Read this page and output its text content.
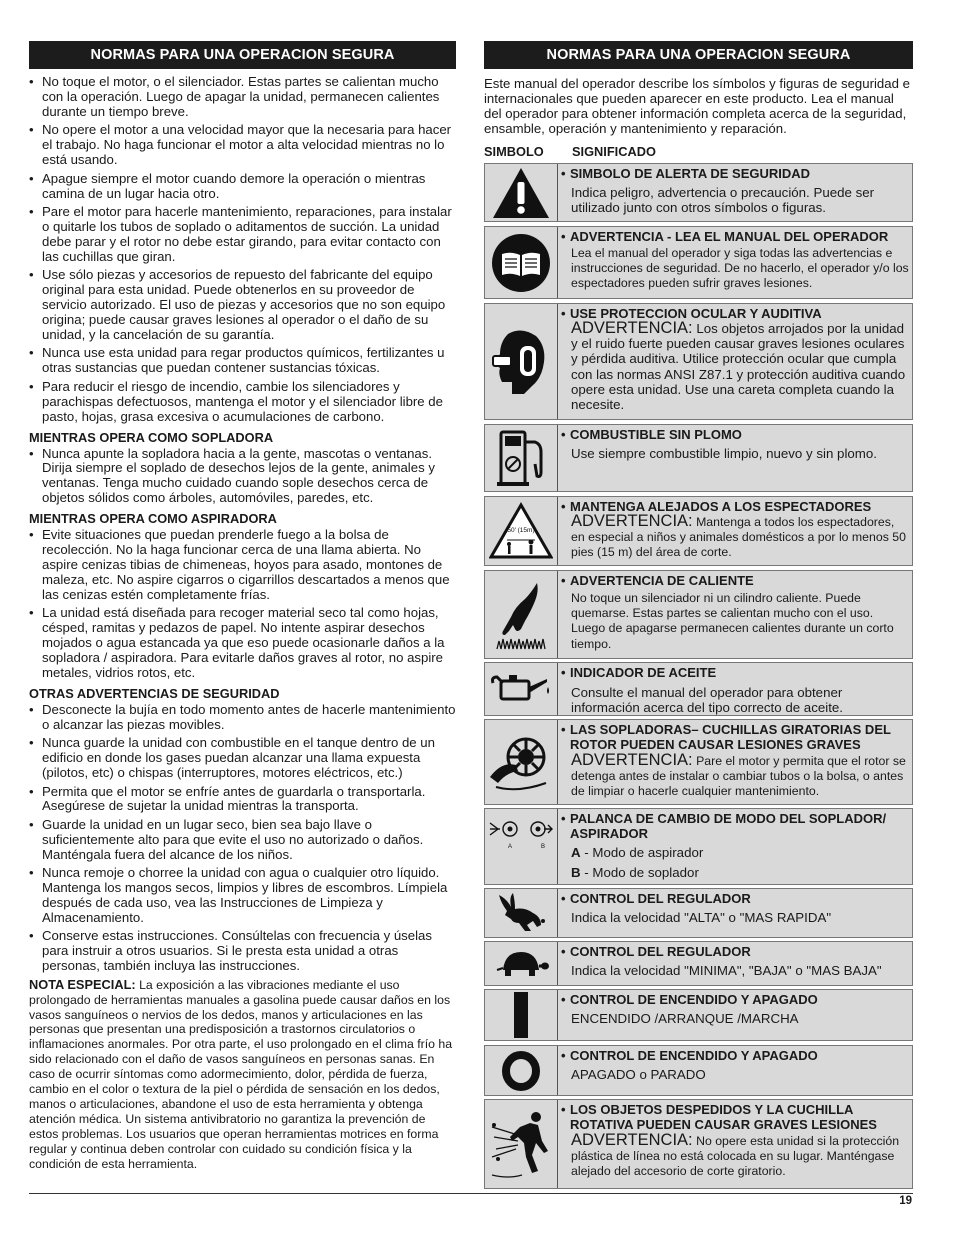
NORMAS PARA UNA OPERACION SEGURA
• No toque el motor, o el silenciador. Estas partes se calientan mucho con la operación. Luego de apagar la unidad, permanecen calientes durante un tiempo breve.
• No opere el motor a una velocidad mayor que la necesaria para hacer el trabajo. No haga funcionar el motor a alta velocidad mientras no lo está usando.
• Apague siempre el motor cuando demore la operación o mientras camina de un lugar hacia otro.
• Pare el motor para hacerle mantenimiento, reparaciones, para instalar o quitarle los tubos de soplado o aditamentos de succión. La unidad debe parar y el rotor no debe estar girando, para evitar contacto con las cuchillas que giran.
• Use sólo piezas y accesorios de repuesto del fabricante del equipo original para esta unidad. Puede obtenerlos en su proveedor de servicio autorizado. El uso de piezas y accesorios que no son equipo origina; puede causar graves lesiones al operador o el daño de su unidad, y la cancelación de su garantía.
• Nunca use esta unidad para regar productos químicos, fertilizantes u otras sustancias que puedan contener sustancias tóxicas.
• Para reducir el riesgo de incendio, cambie los silenciadores y parachispas defectuosos, mantenga el motor y el silenciador libre de pasto, hojas, grasa excesiva o acumulaciones de carbono.
MIENTRAS OPERA COMO SOPLADORA
• Nunca apunte la sopladora hacia a la gente, mascotas o ventanas. Dirija siempre el soplado de desechos lejos de la gente, animales y ventanas. Tenga mucho cuidado cuando sople desechos cerca de objetos sólidos como árboles, automóviles, paredes, etc.
MIENTRAS OPERA COMO ASPIRADORA
• Evite situaciones que puedan prenderle fuego a la bolsa de recolección. No la haga funcionar cerca de una llama abierta. No aspire cenizas tibias de chimeneas, hoyos para asado, montones de maleza, etc. No aspire cigarros o cigarrillos descartados a menos que las cenizas estén completamente frías.
• La unidad está diseñada para recoger material seco tal como hojas, césped, ramitas y pedazos de papel. No intente aspirar desechos mojados o agua estancada ya que eso puede ocasionarle daños a la sopladora / aspiradora. Para evitarle daños graves al rotor, no aspire metales, vidrios rotos, etc.
OTRAS ADVERTENCIAS DE SEGURIDAD
• Desconecte la bujía en todo momento antes de hacerle mantenimiento o alcanzar las piezas movibles.
• Nunca guarde la unidad con combustible en el tanque dentro de un edificio en donde los gases puedan alcanzar una llama expuesta (pilotos, etc) o chispas (interruptores, motores eléctricos, etc.)
• Permita que el motor se enfríe antes de guardarla o transportarla. Asegúrese de sujetar la unidad mientras la transporta.
• Guarde la unidad en un lugar seco, bien sea bajo llave o suficientemente alto para que evite el uso no autorizado o daños. Manténgala fuera del alcance de los niños.
• Nunca remoje o chorree la unidad con agua o cualquier otro líquido. Mantenga los mangos secos, limpios y libres de escombros. Límpiela después de cada uso, vea las Instrucciones de Limpieza y Almacenamiento.
• Conserve estas instrucciones. Consúltelas con frecuencia y úselas para instruir a otros usuarios. Si le presta esta unidad a otras personas, también incluya las instrucciones.
NOTA ESPECIAL: La exposición a las vibraciones mediante el uso prolongado de herramientas manuales a gasolina puede causar daños en los vasos sanguíneos o nervios de los dedos, manos y articulaciones en las personas que presentan una predisposición a trastornos circulatorios o inflamaciones anormales. Por otra parte, el uso prolongado en el clima frío ha sido relacionado con el daño de vasos sanguíneos en personas sanas. En caso de ocurrir síntomas como adormecimiento, dolor, pérdida de fuerza, cambio en el color o textura de la piel o pérdida de sensación en los dedos, manos o articulaciones, abandone el uso de esta herramienta y obtenga atención médica. Un sistema antivibratorio no garantiza la prevención de estos problemas. Los usuarios que operan herramientas motrices en forma regular y continua deben controlar con cuidado su condición física y la condición de esta herramienta.
NORMAS PARA UNA OPERACION SEGURA
Este manual del operador describe los símbolos y figuras de seguridad e internacionales que pueden aparecer en este producto. Lea el manual del operador para obtener información completa acerca de la seguridad, ensamble, operación y mantenimiento y reparación.
SIMBOLO SIGNIFICADO
• SIMBOLO DE ALERTA DE SEGURIDAD
Indica peligro, advertencia o precaución. Puede ser utilizado junto con otros símbolos o figuras.
• ADVERTENCIA - LEA EL MANUAL DEL OPERADOR
Lea el manual del operador y siga todas las advertencias e instrucciones de seguridad. De no hacerlo, el operador y/o los espectadores pueden sufrir graves lesiones.
• USE PROTECCION OCULAR Y AUDITIVA
ADVERTENCIA: Los objetos arrojados por la unidad y el ruido fuerte pueden causar graves lesiones oculares y pérdida auditiva. Utilice protección ocular que cumpla con las normas ANSI Z87.1 y protección auditiva cuando opere esta unidad. Use una careta completa cuando la necesite.
• COMBUSTIBLE SIN PLOMO
Use siempre combustible limpio, nuevo y sin plomo.
50' (15m)
• MANTENGA ALEJADOS A LOS ESPECTADORES
ADVERTENCIA: Mantenga a todos los espectadores, en especial a niños y animales domésticos a por lo menos 50 pies (15 m) del área de corte.
• ADVERTENCIA DE CALIENTE
No toque un silenciador ni un cilindro caliente. Puede quemarse. Estas partes se calientan mucho con el uso. Luego de apagarse permanecen calientes durante un corto tiempo.
• INDICADOR DE ACEITE
Consulte el manual del operador para obtener información acerca del tipo correcto de aceite.
• LAS SOPLADORAS– CUCHILLAS GIRATORIAS DEL ROTOR PUEDEN CAUSAR LESIONES GRAVES
ADVERTENCIA: Pare el motor y permita que el rotor se detenga antes de instalar o cambiar tubos o la bolsa, o antes de limpiar o hacerle cualquier mantenimiento.
A	B
• PALANCA DE CAMBIO DE MODO DEL SOPLADOR/ ASPIRADOR
A - Modo de aspirador
B - Modo de soplador
• CONTROL DEL REGULADOR
Indica la velocidad "ALTA" o "MAS RAPIDA"
• CONTROL DEL REGULADOR
Indica la velocidad "MINIMA", "BAJA" o "MAS BAJA"
• CONTROL DE ENCENDIDO Y APAGADO
ENCENDIDO /ARRANQUE /MARCHA
• CONTROL DE ENCENDIDO Y APAGADO
APAGADO o PARADO
• LOS OBJETOS DESPEDIDOS Y LA CUCHILLA ROTATIVA PUEDEN CAUSAR GRAVES LESIONES
ADVERTENCIA: No opere esta unidad si la protección plástica de línea no está colocada en su lugar. Manténgase alejado del accesorio de corte giratorio.
19
